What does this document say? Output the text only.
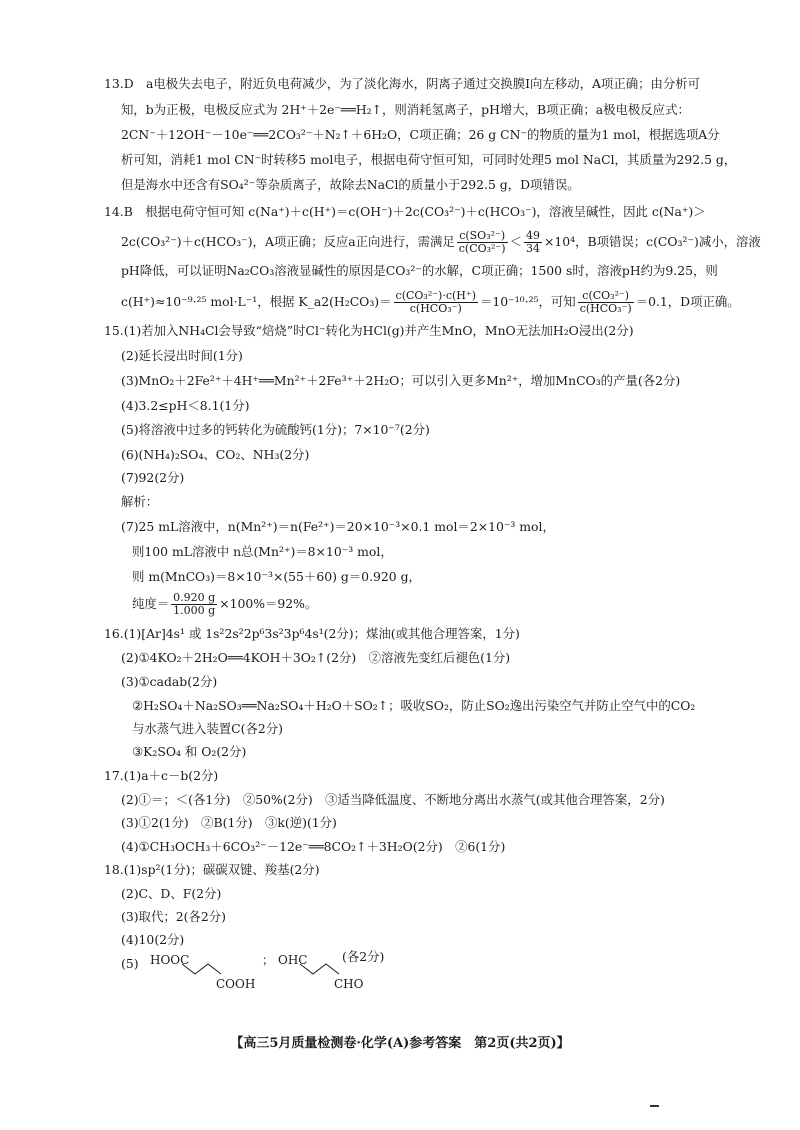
13.D　a电极失去电子，附近负电荷减少，为了淡化海水，阴离子通过交换膜Ⅰ向左移动，A项正确；由分析可
知，b为正极，电极反应式为 2H⁺＋2e⁻══H₂↑，则消耗氢离子，pH增大，B项正确；a极电极反应式：
2CN⁻＋12OH⁻－10e⁻══2CO₃²⁻＋N₂↑＋6H₂O，C项正确；26 g CN⁻的物质的量为1 mol，根据选项A分
析可知，消耗1 mol CN⁻时转移5 mol电子，根据电荷守恒可知，可同时处理5 mol NaCl，其质量为292.5 g，
但是海水中还含有SO₄²⁻等杂质离子，故除去NaCl的质量小于292.5 g，D项错误。
14.B　根据电荷守恒可知 c(Na⁺)＋c(H⁺)＝c(OH⁻)＋2c(CO₃²⁻)＋c(HCO₃⁻)，溶液呈碱性，因此 c(Na⁺)＞
2c(CO₃²⁻)＋c(HCO₃⁻)，A项正确；反应a正向进行，需满足 $\frac{\text{c(SO₃²⁻)}}{\text{c(CO₃²⁻)}} < \frac{49}{34} \times 10^4$，B项错误；c(CO₃²⁻)减小，溶液
pH降低，可以证明Na₂CO₃溶液显碱性的原因是CO₃²⁻的水解，C项正确；1500 s时，溶液pH约为9.25，则
c(H⁺)≈10⁻⁹·²⁵ mol·L⁻¹，根据 K_a2(H₂CO₃)＝ $\frac{\text{c(CO₃²⁻)·c(H⁺)}}{\text{c(HCO₃⁻)}} =10^{-10}\cdot^{25}$，可知 $\frac{\text{c(CO₃²⁻)}}{\text{c(HCO₃⁻)}} =0.1$，D项正确。
15.(1)若加入NH₄Cl会导致“焙烧”时Cl⁻转化为HCl(g)并产生MnO，MnO无法加H₂O浸出(2分)
(2)延长浸出时间(1分)
(3)MnO₂＋2Fe²⁺＋4H⁺══Mn²⁺＋2Fe³⁺＋2H₂O；可以引入更多Mn²⁺，增加MnCO₃的产量(各2分)
(4)3.2≤pH＜8.1(1分)
(5)将溶液中过多的钙转化为硫酸钙(1分)；7×10⁻⁷(2分)
(6)(NH₄)₂SO₄、CO₂、NH₃(2分)
(7)92(2分)
解析：
(7)25 mL溶液中，n(Mn²⁺)＝n(Fe²⁺)＝20×10⁻³×0.1 mol＝2×10⁻³ mol，
则100 mL溶液中 n总(Mn²⁺)＝8×10⁻³ mol，
则 m(MnCO₃)＝8×10⁻³×(55＋60) g＝0.920 g，
纯度＝ $\frac{0.920 g}{1.000 g} \times 100\%=92\%$。
16.(1)[Ar]4s¹ 或 1s²2s²2p⁶3s²3p⁶4s¹(2分)；煤油(或其他合理答案，1分)
(2)①4KO₂＋2H₂O══4KOH＋3O₂↑(2分)　②溶液先变红后褪色(1分)
(3)①cadab(2分)
②H₂SO₄＋Na₂SO₃══Na₂SO₄＋H₂O＋SO₂↑；吸收SO₂，防止SO₂逸出污染空气并防止空气中的CO₂
与水蒸气进入装置C(各2分)
③K₂SO₄ 和 O₂(2分)
17.(1)a＋c－b(2分)
(2)①＝；＜(各1分)　②50%(2分)　③适当降低温度、不断地分离出水蒸气(或其他合理答案，2分)
(3)①2(1分)　②B(1分)　③k(逆)(1分)
(4)①CH₃OCH₃＋6CO₃²⁻－12e⁻══8CO₂↑＋3H₂O(2分)　②6(1分)
18.(1)sp²(1分)；碳碳双键、羧基(2分)
(2)C、D、F(2分)
(3)取代；2(各2分)
(4)10(2分)
(5) HOOC
COOH
； OHC
CHO
(各2分)
【高三5月质量检测卷·化学(A)参考答案　第2页(共2页)】
